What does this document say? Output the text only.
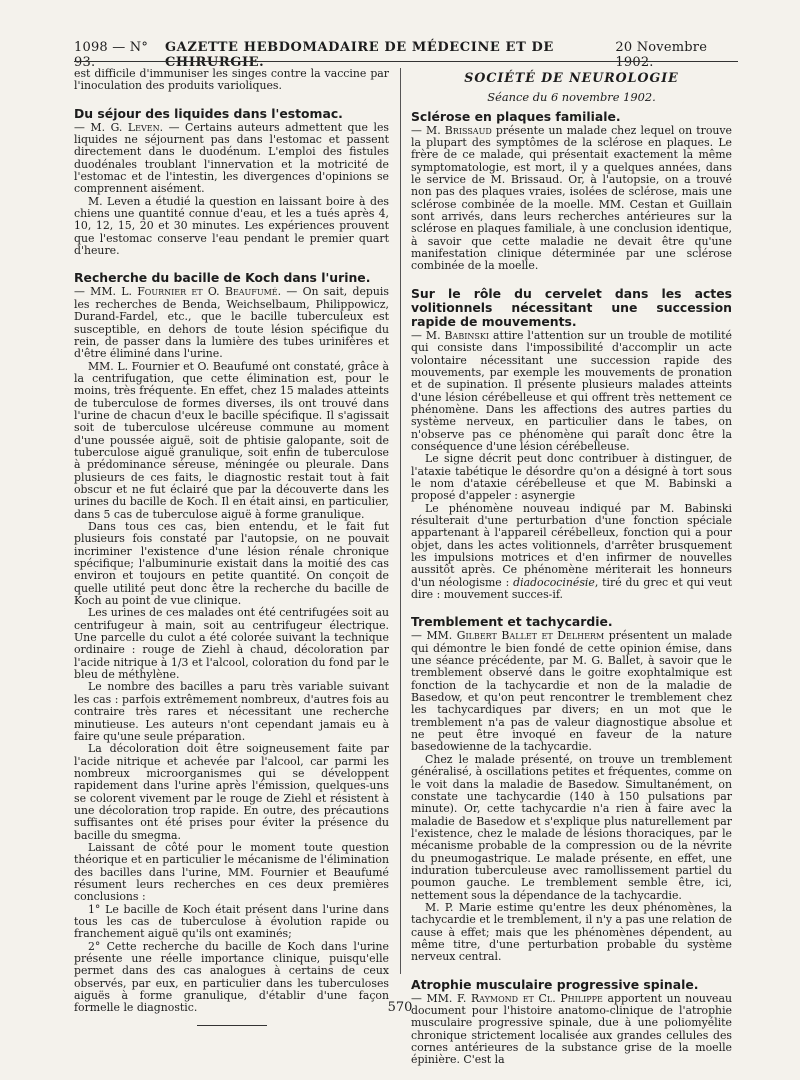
1098 — N° 93.
GAZETTE HEBDOMADAIRE DE MÉDECINE ET DE CHIRURGIE.
20 Novembre 1902.

est difficile d'immuniser les singes contre la vaccine par l'inoculation des produits varioliques.

Du séjour des liquides dans l'estomac.

— M. G. Leven. — Certains auteurs admettent que les liquides ne séjournent pas dans l'estomac et passent directement dans le duodénum. L'emploi des fistules duodénales troublant l'innervation et la motricité de l'estomac et de l'intestin, les divergences d'opinions se comprennent aisément.

M. Leven a étudié la question en laissant boire à des chiens une quantité connue d'eau, et les a tués après 4, 10, 12, 15, 20 et 30 minutes. Les expériences prouvent que l'estomac conserve l'eau pendant le premier quart d'heure.

Recherche du bacille de Koch dans l'urine.

— MM. L. Fournier et O. Beaufumé. — On sait, depuis les recherches de Benda, Weichselbaum, Philippowicz, Durand-Fardel, etc., que le bacille tuberculeux est susceptible, en dehors de toute lésion spécifique du rein, de passer dans la lumière des tubes urinifères et d'être éliminé dans l'urine.

MM. L. Fournier et O. Beaufumé ont constaté, grâce à la centrifugation, que cette élimination est, pour le moins, très fréquente. En effet, chez 15 malades atteints de tuberculose de formes diverses, ils ont trouvé dans l'urine de chacun d'eux le bacille spécifique. Il s'agissait soit de tuberculose ulcéreuse commune au moment d'une poussée aiguë, soit de phtisie galopante, soit de tuberculose aiguë granulique, soit enfin de tuberculose à prédominance séreuse, méningée ou pleurale. Dans plusieurs de ces faits, le diagnostic restait tout à fait obscur et ne fut éclairé que par la découverte dans les urines du bacille de Koch. Il en était ainsi, en particulier, dans 5 cas de tuberculose aiguë à forme granulique.

Dans tous ces cas, bien entendu, et le fait fut plusieurs fois constaté par l'autopsie, on ne pouvait incriminer l'existence d'une lésion rénale chronique spécifique; l'albuminurie existait dans la moitié des cas environ et toujours en petite quantité. On conçoit de quelle utilité peut donc être la recherche du bacille de Koch au point de vue clinique.

Les urines de ces malades ont été centrifugées soit au centrifugeur à main, soit au centrifugeur électrique. Une parcelle du culot a été colorée suivant la technique ordinaire : rouge de Ziehl à chaud, décoloration par l'acide nitrique à 1/3 et l'alcool, coloration du fond par le bleu de méthylène.

Le nombre des bacilles a paru très variable suivant les cas : parfois extrêmement nombreux, d'autres fois au contraire très rares et nécessitant une recherche minutieuse. Les auteurs n'ont cependant jamais eu à faire qu'une seule préparation.

La décoloration doit être soigneusement faite par l'acide nitrique et achevée par l'alcool, car parmi les nombreux microorganismes qui se développent rapidement dans l'urine après l'émission, quelques-uns se colorent vivement par le rouge de Ziehl et résistent à une décoloration trop rapide. En outre, des précautions suffisantes ont été prises pour éviter la présence du bacille du smegma.

Laissant de côté pour le moment toute question théorique et en particulier le mécanisme de l'élimination des bacilles dans l'urine, MM. Fournier et Beaufumé résument leurs recherches en ces deux premières conclusions :

1° Le bacille de Koch était présent dans l'urine dans tous les cas de tuberculose à évolution rapide ou franchement aiguë qu'ils ont examinés;

2° Cette recherche du bacille de Koch dans l'urine présente une réelle importance clinique, puisqu'elle permet dans des cas analogues à certains de ceux observés, par eux, en particulier dans les tuberculoses aiguës à forme granulique, d'établir d'une façon formelle le diagnostic.

SOCIÉTÉ DE NEUROLOGIE
Séance du 6 novembre 1902.
Sclérose en plaques familiale.

— M. Brissaud présente un malade chez lequel on trouve la plupart des symptômes de la sclérose en plaques. Le frère de ce malade, qui présentait exactement la même symptomatologie, est mort, il y a quelques années, dans le service de M. Brissaud. Or, à l'autopsie, on a trouvé non pas des plaques vraies, isolées de sclérose, mais une sclérose combinée de la moelle. MM. Cestan et Guillain sont arrivés, dans leurs recherches antérieures sur la sclérose en plaques familiale, à une conclusion identique, à savoir que cette maladie ne devait être qu'une manifestation clinique déterminée par une sclérose combinée de la moelle.

Sur le rôle du cervelet dans les actes volitionnels nécessitant une succession rapide de mouvements.

— M. Babinski attire l'attention sur un trouble de motilité qui consiste dans l'impossibilité d'accomplir un acte volontaire nécessitant une succession rapide des mouvements, par exemple les mouvements de pronation et de supination. Il présente plusieurs malades atteints d'une lésion cérébelleuse et qui offrent très nettement ce phénomène. Dans les affections des autres parties du système nerveux, en particulier dans le tabes, on n'observe pas ce phénomène qui paraît donc être la conséquence d'une lésion cérébelleuse.

Le signe décrit peut donc contribuer à distinguer, de l'ataxie tabétique le désordre qu'on a désigné à tort sous le nom d'ataxie cérébelleuse et que M. Babinski a proposé d'appeler : asynergie

Le phénomène nouveau indiqué par M. Babinski résulterait d'une perturbation d'une fonction spéciale appartenant à l'appareil cérébelleux, fonction qui a pour objet, dans les actes volitionnels, d'arrêter brusquement les impulsions motrices et d'en infirmer de nouvelles aussitôt après. Ce phénomène mériterait les honneurs d'un néologisme : diadococinésie, tiré du grec et qui veut dire : mouvement succes-if.

Tremblement et tachycardie.

— MM. Gilbert Ballet et Delherm présentent un malade qui démontre le bien fondé de cette opinion émise, dans une séance précédente, par M. G. Ballet, à savoir que le tremblement observé dans le goitre exophtalmique est fonction de la tachycardie et non de la maladie de Basedow, et qu'on peut rencontrer le tremblement chez les tachycardiques par divers; en un mot que le tremblement n'a pas de valeur diagnostique absolue et ne peut être invoqué en faveur de la nature basedowienne de la tachycardie.

Chez le malade présenté, on trouve un tremblement généralisé, à oscillations petites et fréquentes, comme on le voit dans la maladie de Basedow. Simultanément, on constate une tachycardie (140 à 150 pulsations par minute). Or, cette tachycardie n'a rien à faire avec la maladie de Basedow et s'explique plus naturellement par l'existence, chez le malade de lésions thoraciques, par le mécanisme probable de la compression ou de la névrite du pneumogastrique. Le malade présente, en effet, une induration tuberculeuse avec ramollissement partiel du poumon gauche. Le tremblement semble être, ici, nettement sous la dépendance de la tachycardie.

M. P. Marie estime qu'entre les deux phénomènes, la tachycardie et le tremblement, il n'y a pas une relation de cause à effet; mais que les phénomènes dépendent, au même titre, d'une perturbation probable du système nerveux central.

Atrophie musculaire progressive spinale.

— MM. F. Raymond et Cl. Philippe apportent un nouveau document pour l'histoire anatomo-clinique de l'atrophie musculaire progressive spinale, due à une poliomyélite chronique strictement localisée aux grandes cellules des cornes antérieures de la substance grise de la moelle épinière. C'est la

570
